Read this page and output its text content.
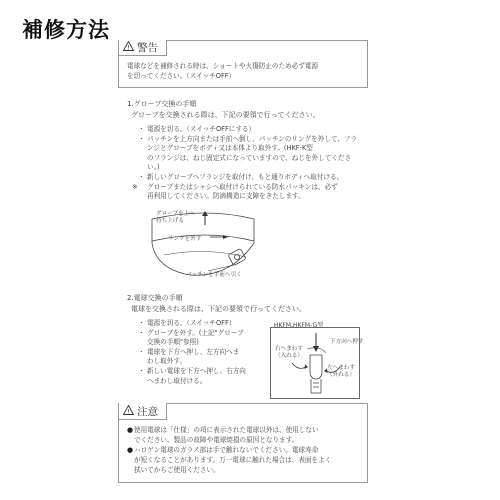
補修方法
! 警告
電球などを補修される時は、ショートや火傷防止のため必ず電源
を切ってください。（スイッチOFF）
1.グローブ交換の手順
グローブを交換される際は、下記の要領で行ってください。
・ 電源を切る。（スイッチOFFにする）
・ パッチンを上方向または手前へ倒し、パッチンのリングを外して、フランジとグローブをボディ又は本体より取外す。(HKF-K型
のフランジは、ねじ固定式になっていますので、ねじを外してください。)
・ 新しいグローブへフランジを取付け、もと通りボディへ取付ける。
※ グローブまたはシャシへ取付けられている防水パッキンは、必ず
再利用してください。防滴構造に支障をきたします。
グローブを上へ
持ち上げる
リングを外す
パッチンを手前へ引く
2.電球交換の手順
電球を交換される際は、下記の要領で行ってください。
・ 電源を切る。（スイッチOFF）
・ グローブを外す。(上記"グローブ
交換の手順"参照)
・ 電球を下方へ押し、左方向へま
わし取外す。
・ 新しい電球を下方へ押し、右方向
へまわし取付ける。
HKFM,HKFM-G型
下方向へ押す
右へまわす
（入れる）
左へまわす
（外れる）
! 注意
●使用電球は「仕様」の項に表示された電球以外は、使用しない
でください。製品の故障や電球焼損の原因となります。
●ハロゲン電球のガラス部は手で触れないでください。電球寿命
が短くなることがあります。万一電球に触れた場合は、表面をよく
拭いてからご使用ください。
